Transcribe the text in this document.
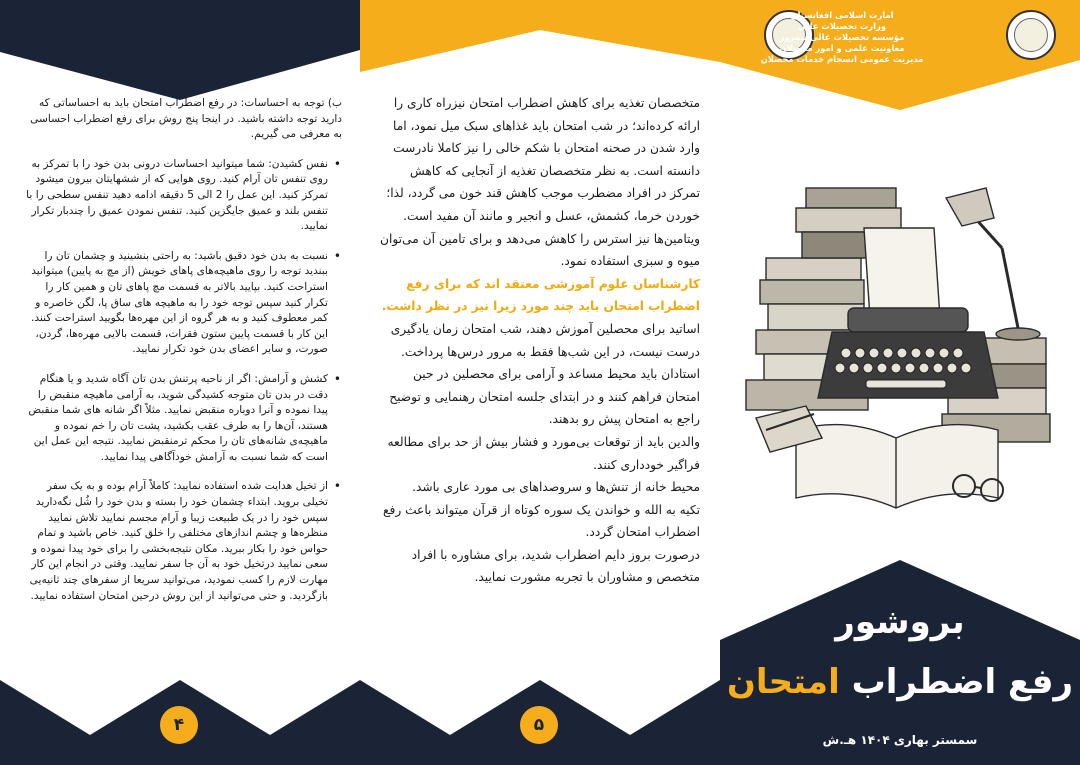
ب) توجه به احساسات: در رفع اضطراب امتحان باید به احساساتی که دارید توجه داشته باشید. در اینجا پنج روش برای رفع اضطراب احساسی به معرفی می گیریم.

• نفس کشیدن: شما میتوانید احساسات درونی بدن خود را با تمرکز به روی تنفس تان آرام کنید. روی هوایی که از ششهایتان بیرون میشود تمرکز کنید. این عمل را 2 الی 5 دقیقه ادامه دهید تنفس سطحی را با تنفس بلند و عمیق جایگزین کنید. تنفس نمودن عمیق را چندبار تکرار نمایید.
• نسبت به بدن خود دقیق باشید: به راحتی بنشینید و چشمان تان را ببندید توجه را روی ماهیچه‌های پاهای خویش (از مچ به پایین) میتوانید استراحت کنید. بپایید بالاتر به قسمت مچ پاهای تان و همین کار را تکرار کنید سپس توجه خود را به ماهیچه های ساق پا، لگن خاصره و کمر معطوف کنید و به هر گروه از این مهره‌ها بگویید استراحت کنند. این کار با قسمت پایین ستون فقرات، قسمت بالایی مهره‌ها، گردن، صورت، و سایر اعضای بدن خود تکرار نمایید.
• کشش و آرامش: اگر از ناحیه پرتنش بدن تان آگاه شدید و یا هنگام دقت در بدن تان متوجه کشیدگی شوید، به آرامی ماهیچه منقبض را پیدا نموده و آنرا دوباره منقبض نمایید. مثلاً اگر شانه های شما منقبض هستند، آن‌ها را به طرف عقب بکشید، پشت تان را خم نموده و ماهیچه‌ی شانه‌های تان را محکم ترمنقبض نمایید. نتیجه این عمل این است که شما نسبت به آرامش خودآگاهی پیدا نمایید.
• از تخیل هدایت شده استفاده نمایید: کاملاً آرام بوده و به یک سفر تخیلی بروید. ابتداء چشمان خود را بسته و بدن خود را شُل نگه‌دارید سپس خود را در یک طبیعت زیبا و آرام مجسم نمایید تلاش نمایید منظره‌ها و چشم اندازهای مختلفی را خلق کنید. خاص باشید و تمام حواس خود را بکار ببرید. مکان نتیجه‌بخشی را برای خود پیدا نموده و سعی نمایید درتخیل خود به آن جا سفر نمایید. وقتی در انجام این کار مهارت لازم را کسب نمودید، می‌توانید سریعا از سفرهای چند ثانیه‌یی بازگردید. و حتی می‌توانید از این روش درحین امتحان استفاده نمایید.
۴

متخصصان تغذیه برای کاهش اضطراب امتحان نیزراه کاری را ارائه کرده‌اند؛ در شب امتحان باید غذاهای سبک میل نمود، اما وارد شدن در صحنه امتحان با شکم خالی را نیز کاملا نادرست دانسته است. به نظر متخصصان تغذیه از آنجایی که کاهش تمرکز در افراد مضطرب موجب کاهش قند خون می گردد، لذا؛ خوردن خرما، کشمش، عسل و انجیر و مانند آن مفید است. ویتامین‌ها نیز استرس را کاهش می‌دهد و برای تامین آن می‌توان میوه و سبزی استفاده نمود.

کارشناسان علوم آموزشی معتقد اند که برای رفع اضطراب امتحان باید چند مورد زیرا نیز در نظر داشت.

اساتید برای محصلین آموزش دهند، شب امتحان زمان یادگیری درست نیست، در این شب‌ها فقط به مرور درس‌ها پرداخت.

استادان باید محیط مساعد و آرامی برای محصلین در حین امتحان فراهم کنند و در ابتدای جلسه امتحان رهنمایی و توضیح راجع به امتحان پیش رو بدهند.

والدین باید از توقعات بی‌مورد و فشار بیش از حد برای مطالعه فراگیر خودداری کنند.

محیط خانه از تنش‌ها و سروصداهای بی مورد عاری باشد.

تکیه به الله و خواندن یک سوره کوتاه از قرآن میتواند باعث رفع اضطراب امتحان گردد.

درصورت بروز دایم اضطراب شدید، برای مشاوره با افراد متخصص و مشاوران با تجربه مشورت نمایید.

۵
امارت اسلامی افغانستان
وزارت تحصیلات عالی
مؤسسه تحصیلات عالی نیمروز
معاونیت علمی و امور محصلان
مدیریت عمومی انسجام خدمات محصلان
بروشور
رفع اضطراب امتحان
سمستر بهاری ۱۴۰۴ هـ.ش
